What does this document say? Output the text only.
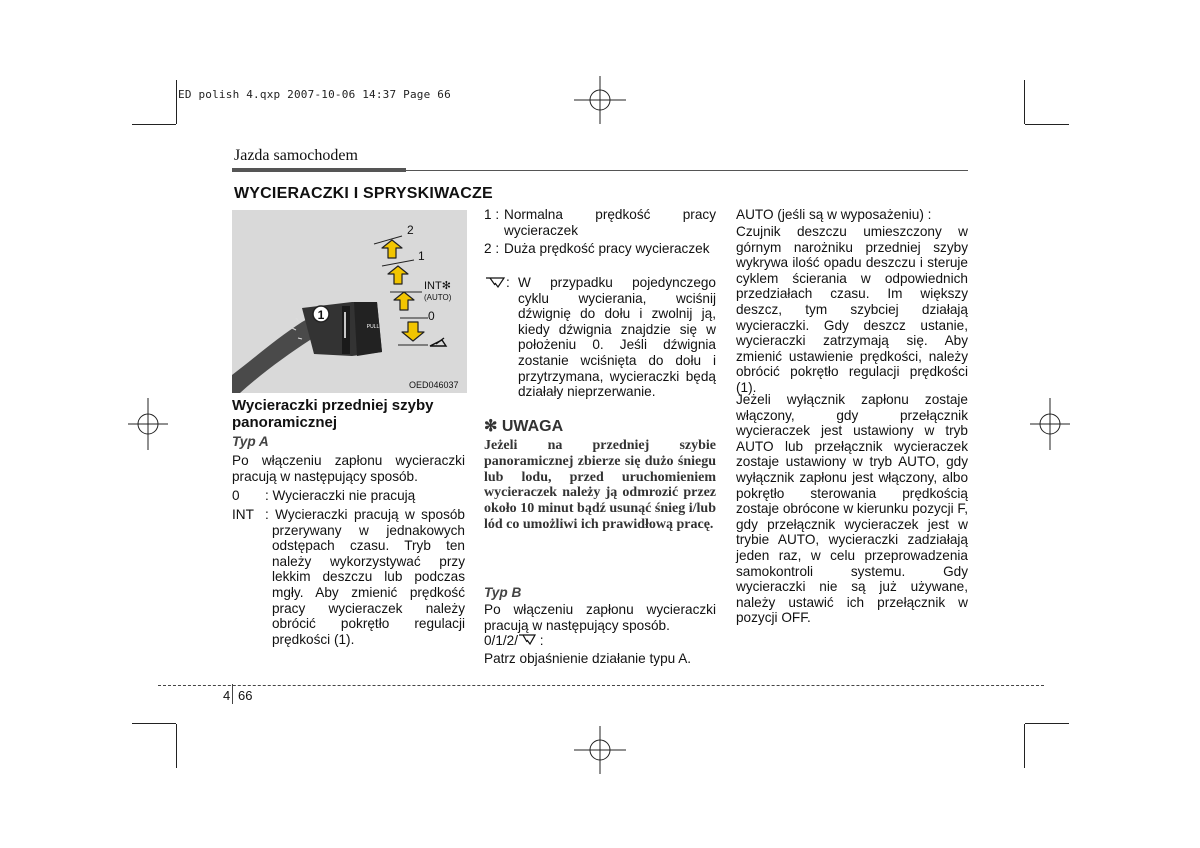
ED polish 4.qxp 2007-10-06 14:37 Page 66
Jazda samochodem
WYCIERACZKI I SPRYSKIWACZE
1
PULL
2
1
INT✻
(AUTO)
0
OED046037
Wycieraczki przedniej szyby panoramicznej
Typ A
Po włączeniu zapłonu wycieraczki pracują w następujący sposób.
0	: Wycieraczki nie pracują
INT : Wycieraczki pracują w sposób przerywany w jednakowych odstępach czasu. Tryb ten należy wykorzystywać przy lekkim deszczu lub podczas mgły. Aby zmienić prędkość pracy wycieraczek należy obrócić pokrętło regulacji prędkości (1).
1 : Normalna prędkość pracy wycieraczek
2 : Duża prędkość pracy wycieraczek
: W przypadku pojedynczego cyklu wycierania, wciśnij dźwignię do dołu i zwolnij ją, kiedy dźwignia znajdzie się w położeniu 0. Jeśli dźwignia zostanie wciśnięta do dołu i przytrzymana, wycieraczki będą działały nieprzerwanie.
✻ UWAGA
Jeżeli na przedniej szybie panoramicznej zbierze się dużo śniegu lub lodu, przed uruchomieniem wycieraczek należy ją odmrozić przez około 10 minut bądź usunąć śnieg i/lub lód co umożliwi ich prawidłową pracę.
Typ B
Po włączeniu zapłonu wycieraczki pracują w następujący sposób.
0/1/2/ :
Patrz objaśnienie działanie typu A.
AUTO (jeśli są w wyposażeniu) :
Czujnik deszczu umieszczony w górnym narożniku przedniej szyby wykrywa ilość opadu deszczu i steruje cyklem ścierania w odpowiednich przedziałach czasu. Im większy deszcz, tym szybciej działają wycieraczki. Gdy deszcz ustanie, wycieraczki zatrzymają się. Aby zmienić ustawienie prędkości, należy obrócić pokrętło regulacji prędkości (1).
Jeżeli wyłącznik zapłonu zostaje włączony, gdy przełącznik wycieraczek jest ustawiony w tryb AUTO lub przełącznik wycieraczek zostaje ustawiony w tryb AUTO, gdy wyłącznik zapłonu jest włączony, albo pokrętło sterowania prędkością zostaje obrócone w kierunku pozycji F, gdy przełącznik wycieraczek jest w trybie AUTO, wycieraczki zadziałają jeden raz, w celu przeprowadzenia samokontroli systemu. Gdy wycieraczki nie są już używane, należy ustawić ich przełącznik w pozycji OFF.
4 66
